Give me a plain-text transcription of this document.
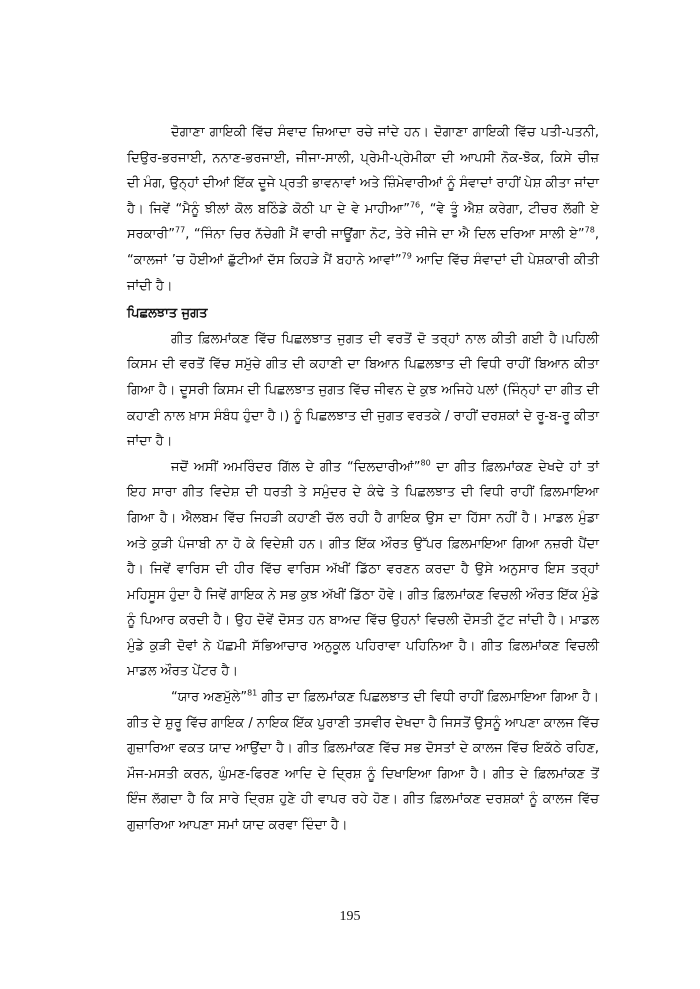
ਦੋਗਾਣਾ ਗਾਇਕੀ ਵਿੱਚ ਸੰਵਾਦ ਜ਼ਿਆਦਾ ਰਚੇ ਜਾਂਦੇ ਹਨ। ਦੋਗਾਣਾ ਗਾਇਕੀ ਵਿੱਚ ਪਤੀ-ਪਤਨੀ, ਦਿਉਰ-ਭਰਜਾਈ, ਨਨਾਣ-ਭਰਜਾਈ, ਜੀਜਾ-ਸਾਲੀ, ਪ੍ਰੇਮੀ-ਪ੍ਰੇਮੀਕਾ ਦੀ ਆਪਸੀ ਨੋਕ-ਝੋਕ, ਕਿਸੇ ਚੀਜ਼ ਦੀ ਮੰਗ, ਉਨ੍ਹਾਂ ਦੀਆਂ ਇੱਕ ਦੂਜੇ ਪ੍ਰਤੀ ਭਾਵਨਾਵਾਂ ਅਤੇ ਜ਼ਿੰਮੇਵਾਰੀਆਂ ਨੂੰ ਸੰਵਾਦਾਂ ਰਾਹੀਂ ਪੇਸ਼ ਕੀਤਾ ਜਾਂਦਾ ਹੈ। ਜਿਵੇਂ “ਮੈਨੂੰ ਝੀਲਾਂ ਕੋਲ ਬਠਿੰਡੇ ਕੋਠੀ ਪਾ ਦੇ ਵੇ ਮਾਹੀਆ”$^{76}$, “ਵੇ ਤੂੰ ਐਸ਼ ਕਰੇਗਾ, ਟੀਚਰ ਲੱਗੀ ਏ ਸਰਕਾਰੀ”$^{77}$, “ਜਿੰਨਾ ਚਿਰ ਨੱਚੇਗੀ ਮੈਂ ਵਾਰੀ ਜਾਊਂਗਾ ਨੋਟ, ਤੇਰੇ ਜੀਜੇ ਦਾ ਐ ਦਿਲ ਦਰਿਆ ਸਾਲੀ ਏ”$^{78}$, “ਕਾਲਜਾਂ ’ਚ ਹੋਈਆਂ ਛੁੱਟੀਆਂ ਦੱਸ ਕਿਹੜੇ ਮੈਂ ਬਹਾਨੇ ਆਵਾਂ”$^{79}$ ਆਦਿ ਵਿੱਚ ਸੰਵਾਦਾਂ ਦੀ ਪੇਸ਼ਕਾਰੀ ਕੀਤੀ ਜਾਂਦੀ ਹੈ।

ਪਿਛਲਝਾਤ ਜੁਗਤ

ਗੀਤ ਫ਼ਿਲਮਾਂਕਣ ਵਿੱਚ ਪਿਛਲਝਾਤ ਜੁਗਤ ਦੀ ਵਰਤੋਂ ਦੋ ਤਰ੍ਹਾਂ ਨਾਲ ਕੀਤੀ ਗਈ ਹੈ।ਪਹਿਲੀ ਕਿਸਮ ਦੀ ਵਰਤੋਂ ਵਿੱਚ ਸਮੁੱਚੇ ਗੀਤ ਦੀ ਕਹਾਣੀ ਦਾ ਬਿਆਨ ਪਿਛਲਝਾਤ ਦੀ ਵਿਧੀ ਰਾਹੀਂ ਬਿਆਨ ਕੀਤਾ ਗਿਆ ਹੈ। ਦੂਸਰੀ ਕਿਸਮ ਦੀ ਪਿਛਲਝਾਤ ਜੁਗਤ ਵਿੱਚ ਜੀਵਨ ਦੇ ਕੁਝ ਅਜਿਹੇ ਪਲਾਂ (ਜਿੰਨ੍ਹਾਂ ਦਾ ਗੀਤ ਦੀ ਕਹਾਣੀ ਨਾਲ ਖ਼ਾਸ ਸੰਬੰਧ ਹੁੰਦਾ ਹੈ।) ਨੂੰ ਪਿਛਲਝਾਤ ਦੀ ਜੁਗਤ ਵਰਤਕੇ / ਰਾਹੀਂ ਦਰਸ਼ਕਾਂ ਦੇ ਰੂ-ਬ-ਰੂ ਕੀਤਾ ਜਾਂਦਾ ਹੈ।

ਜਦੋਂ ਅਸੀਂ ਅਮਰਿੰਦਰ ਗਿੱਲ ਦੇ ਗੀਤ “ਦਿਲਦਾਰੀਆਂ”$^{80}$ ਦਾ ਗੀਤ ਫ਼ਿਲਮਾਂਕਣ ਦੇਖਦੇ ਹਾਂ ਤਾਂ ਇਹ ਸਾਰਾ ਗੀਤ ਵਿਦੇਸ਼ ਦੀ ਧਰਤੀ ਤੇ ਸਮੁੰਦਰ ਦੇ ਕੰਢੇ ਤੇ ਪਿਛਲਝਾਤ ਦੀ ਵਿਧੀ ਰਾਹੀਂ ਫ਼ਿਲਮਾਇਆ ਗਿਆ ਹੈ। ਐਲਬਮ ਵਿੱਚ ਜਿਹੜੀ ਕਹਾਣੀ ਚੱਲ ਰਹੀ ਹੈ ਗਾਇਕ ਉਸ ਦਾ ਹਿੱਸਾ ਨਹੀਂ ਹੈ। ਮਾਡਲ ਮੁੰਡਾ ਅਤੇ ਕੁੜੀ ਪੰਜਾਬੀ ਨਾ ਹੋ ਕੇ ਵਿਦੇਸ਼ੀ ਹਨ। ਗੀਤ ਇੱਕ ਔਰਤ ਉੱਪਰ ਫ਼ਿਲਮਾਇਆ ਗਿਆ ਨਜ਼ਰੀ ਪੈਂਦਾ ਹੈ। ਜਿਵੇਂ ਵਾਰਿਸ ਦੀ ਹੀਰ ਵਿੱਚ ਵਾਰਿਸ ਅੱਖੀਂ ਡਿੱਠਾ ਵਰਣਨ ਕਰਦਾ ਹੈ ਉਸੇ ਅਨੁਸਾਰ ਇਸ ਤਰ੍ਹਾਂ ਮਹਿਸੂਸ ਹੁੰਦਾ ਹੈ ਜਿਵੇਂ ਗਾਇਕ ਨੇ ਸਭ ਕੁਝ ਅੱਖੀਂ ਡਿੱਠਾ ਹੋਵੇ। ਗੀਤ ਫ਼ਿਲਮਾਂਕਣ ਵਿਚਲੀ ਔਰਤ ਇੱਕ ਮੁੰਡੇ ਨੂੰ ਪਿਆਰ ਕਰਦੀ ਹੈ। ਉਹ ਦੋਵੇਂ ਦੋਸਤ ਹਨ ਬਾਅਦ ਵਿੱਚ ਉਹਨਾਂ ਵਿਚਲੀ ਦੋਸਤੀ ਟੁੱਟ ਜਾਂਦੀ ਹੈ। ਮਾਡਲ ਮੁੰਡੇ ਕੁੜੀ ਦੋਵਾਂ ਨੇ ਪੱਛਮੀ ਸੱਭਿਆਚਾਰ ਅਨੁਕੂਲ ਪਹਿਰਾਵਾ ਪਹਿਨਿਆ ਹੈ। ਗੀਤ ਫ਼ਿਲਮਾਂਕਣ ਵਿਚਲੀ ਮਾਡਲ ਔਰਤ ਪੇਂਟਰ ਹੈ।

“ਯਾਰ ਅਣਮੁੱਲੇ”$^{81}$ ਗੀਤ ਦਾ ਫ਼ਿਲਮਾਂਕਣ ਪਿਛਲਝਾਤ ਦੀ ਵਿਧੀ ਰਾਹੀਂ ਫ਼ਿਲਮਾਇਆ ਗਿਆ ਹੈ। ਗੀਤ ਦੇ ਸ਼ੁਰੂ ਵਿੱਚ ਗਾਇਕ / ਨਾਇਕ ਇੱਕ ਪੁਰਾਣੀ ਤਸਵੀਰ ਦੇਖਦਾ ਹੈ ਜਿਸਤੋਂ ਉਸਨੂੰ ਆਪਣਾ ਕਾਲਜ ਵਿੱਚ ਗੁਜ਼ਾਰਿਆ ਵਕਤ ਯਾਦ ਆਉਂਦਾ ਹੈ। ਗੀਤ ਫ਼ਿਲਮਾਂਕਣ ਵਿੱਚ ਸਭ ਦੋਸਤਾਂ ਦੇ ਕਾਲਜ ਵਿੱਚ ਇਕੱਠੇ ਰਹਿਣ, ਮੌਜ-ਮਸਤੀ ਕਰਨ, ਘੁੰਮਣ-ਫਿਰਣ ਆਦਿ ਦੇ ਦ੍ਰਿਸ਼ ਨੂੰ ਦਿਖਾਇਆ ਗਿਆ ਹੈ। ਗੀਤ ਦੇ ਫ਼ਿਲਮਾਂਕਣ ਤੋਂ ਇੰਜ ਲੱਗਦਾ ਹੈ ਕਿ ਸਾਰੇ ਦ੍ਰਿਸ਼ ਹੁਣੇ ਹੀ ਵਾਪਰ ਰਹੇ ਹੋਣ। ਗੀਤ ਫ਼ਿਲਮਾਂਕਣ ਦਰਸ਼ਕਾਂ ਨੂੰ ਕਾਲਜ ਵਿੱਚ ਗੁਜ਼ਾਰਿਆ ਆਪਣਾ ਸਮਾਂ ਯਾਦ ਕਰਵਾ ਦਿੰਦਾ ਹੈ।

195
